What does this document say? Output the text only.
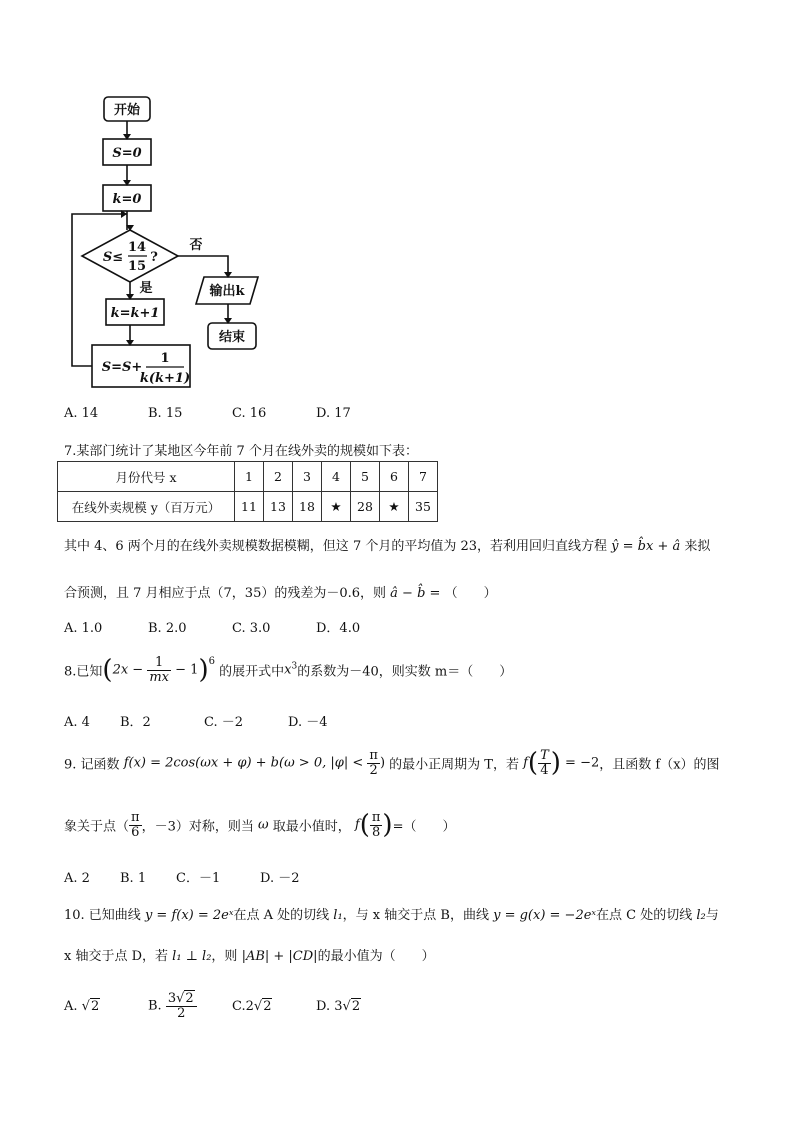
开始
S=0
k=0
S≤
14
15
?
否
是	输出k
结束
k=k+1
S=S+
1
k(k+1)
A. 14	B. 15	C. 16	D. 17
7.某部门统计了某地区今年前 7 个月在线外卖的规模如下表：
月份代号 x	1	2	3	4	5	6	7
在线外卖规模 y（百万元）	11	13	18	★	28	★	35
其中 4、6 两个月的在线外卖规模数据模糊，但这 7 个月的平均值为 23，若利用回归直线方程 ŷ = b̂x + â 来拟
合预测，且 7 月相应于点（7，35）的残差为－0.6，则 â − b̂ = （　　）
A. 1.0	B. 2.0	C. 3.0	D．4.0
8.已知$(2x - \frac{1}{mx} - 1)^6$ 的展开式中$x^3$的系数为－40，则实数 m＝（　　）
A. 4 B．2	C. －2	D. －4
9. 记函数 f(x) = 2cos(ωx + φ) + b(ω > 0, $|\varphi| < \frac{\pi}{2}$ ) 的最小正周期为 T，若 $f( \frac{T}{4}$ ) = −2，且函数 f（x）的图
象关于点（ $\frac{\pi}{6}$ ，－3）对称，则当 ω 取最小值时， $f( \frac{\pi}{8}$ )=（　　）
A. 2 B. 1 C．－1	D. －2
10. 已知曲线 y = f(x) = 2eˣ在点 A 处的切线 l₁，与 x 轴交于点 B，曲线 y = g(x) = −2eˣ在点 C 处的切线 l₂与
x 轴交于点 D，若 l₁ ⊥ l₂，则 |AB| + |CD|的最小值为（　　）
A. √2	B. $\frac{3√2}{2}$	C.2√2	D. 3√2
